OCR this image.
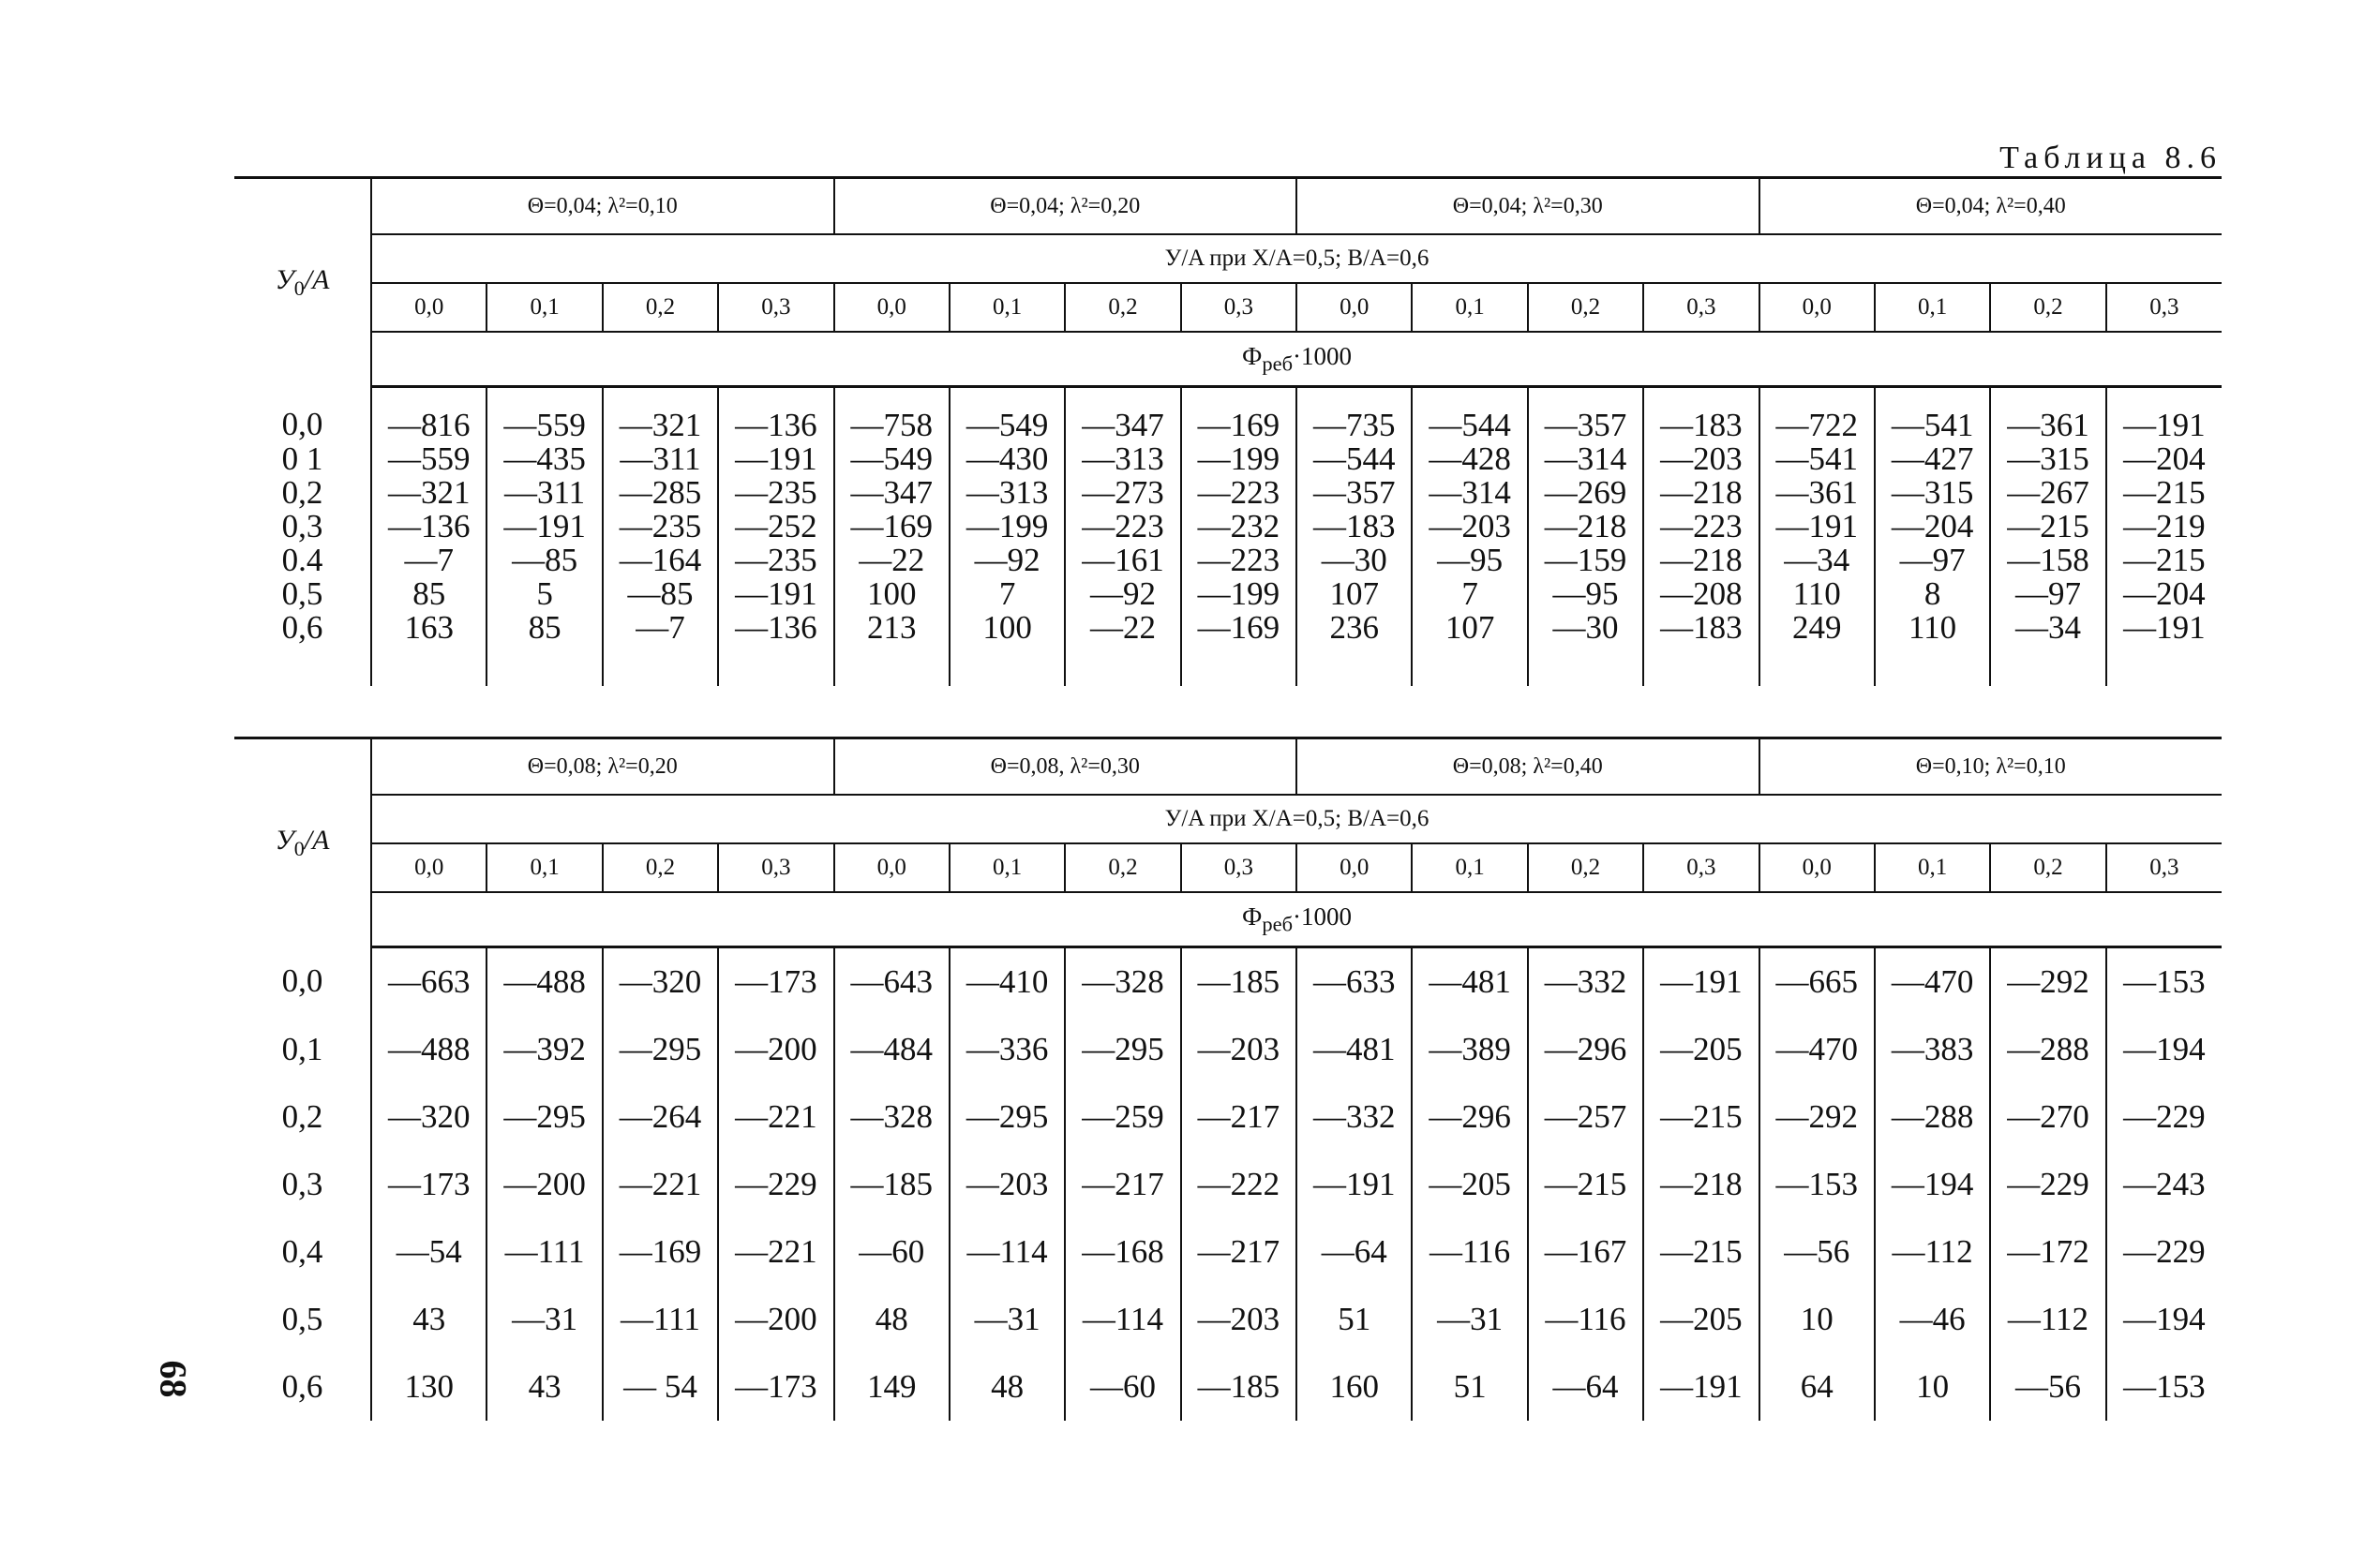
Таблица 8.6
68
$У_0/A$	Θ=0,04; λ²=0,10				Θ=0,04; λ²=0,20				Θ=0,04; λ²=0,30				Θ=0,04; λ²=0,40			
	У/A при X/A=0,5; В/A=0,6															
	0,0	0,1	0,2	0,3	0,0	0,1	0,2	0,3	0,0	0,1	0,2	0,3	0,0	0,1	0,2	0,3
	$Ф_{реб}\cdot 1000$															
0,0	—816	—559	—321	—136	—758	—549	—347	—169	—735	—544	—357	—183	—722	—541	—361	—191
0 1	—559	—435	—311	—191	—549	—430	—313	—199	—544	—428	—314	—203	—541	—427	—315	—204
0,2	—321	—311	—285	—235	—347	—313	—273	—223	—357	—314	—269	—218	—361	—315	—267	—215
0,3	—136	—191	—235	—252	—169	—199	—223	—232	—183	—203	—218	—223	—191	—204	—215	—219
0.4	—7	—85	—164	—235	—22	—92	—161	—223	—30	—95	—159	—218	—34	—97	—158	—215
0,5	85	5	—85	—191	100	7	—92	—199	107	7	—95	—208	110	8	—97	—204
0,6	163	85	—7	—136	213	100	—22	—169	236	107	—30	—183	249	110	—34	—191
$У_0/A$	Θ=0,08; λ²=0,20				Θ=0,08, λ²=0,30				Θ=0,08; λ²=0,40				Θ=0,10; λ²=0,10			
	У/A при X/A=0,5; В/A=0,6															
	0,0	0,1	0,2	0,3	0,0	0,1	0,2	0,3	0,0	0,1	0,2	0,3	0,0	0,1	0,2	0,3
	$Ф_{реб}\cdot 1000$															
0,0	—663	—488	—320	—173	—643	—410	—328	—185	—633	—481	—332	—191	—665	—470	—292	—153
0,1	—488	—392	—295	—200	—484	—336	—295	—203	—481	—389	—296	—205	—470	—383	—288	—194
0,2	—320	—295	—264	—221	—328	—295	—259	—217	—332	—296	—257	—215	—292	—288	—270	—229
0,3	—173	—200	—221	—229	—185	—203	—217	—222	—191	—205	—215	—218	—153	—194	—229	—243
0,4	—54	—111	—169	—221	—60	—114	—168	—217	—64	—116	—167	—215	—56	—112	—172	—229
0,5	43	—31	—111	—200	48	—31	—114	—203	51	—31	—116	—205	10	—46	—112	—194
0,6	130	43	— 54	—173	149	48	—60	—185	160	51	—64	—191	64	10	—56	—153
